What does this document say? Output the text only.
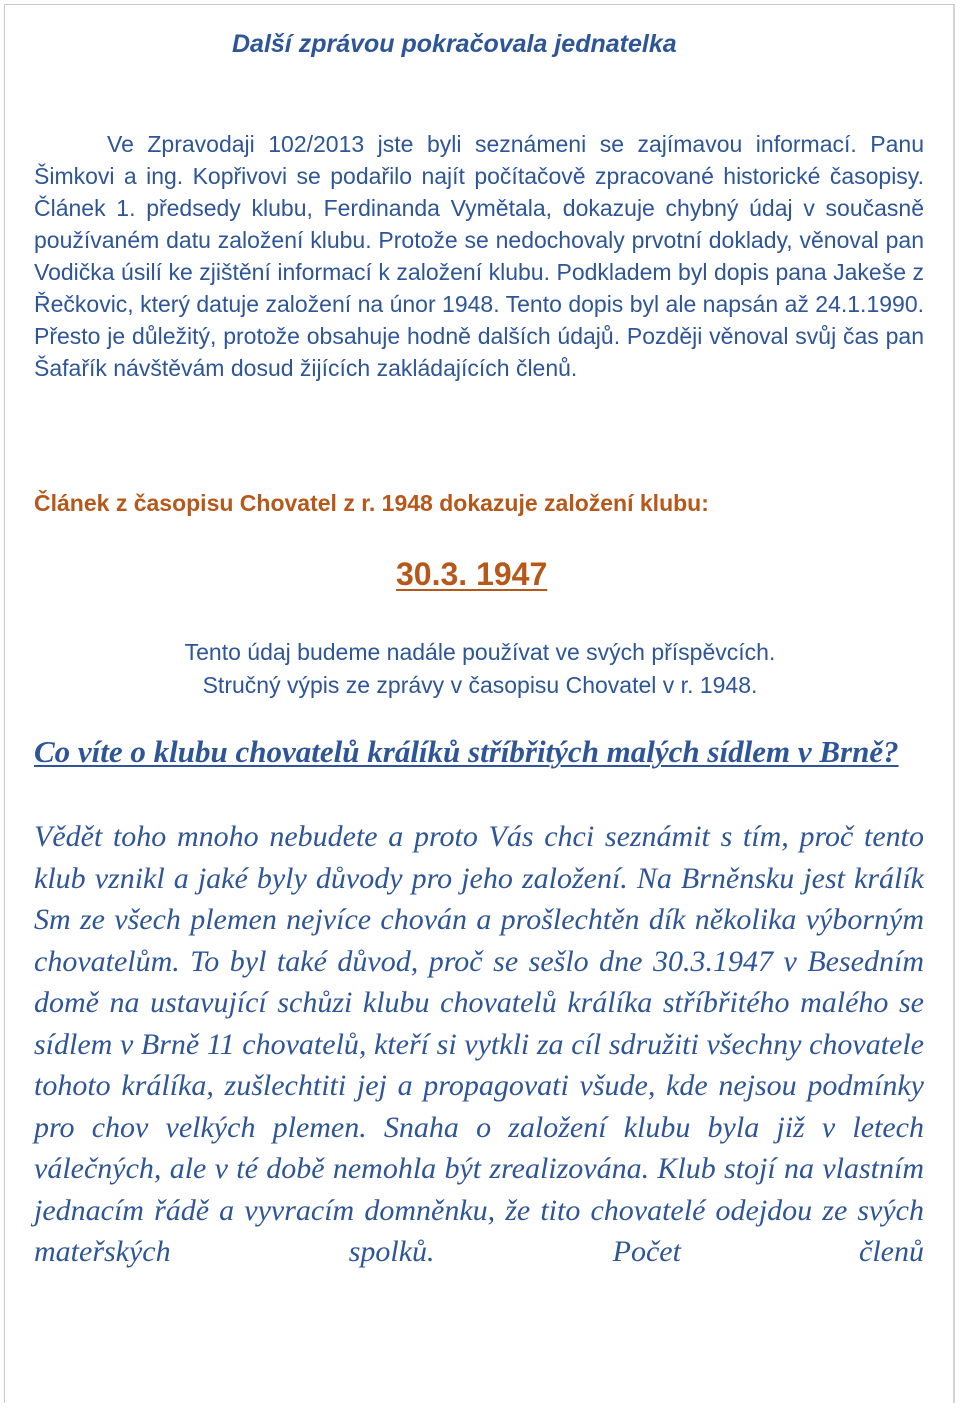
Další zprávou pokračovala jednatelka

Ve Zpravodaji 102/2013 jste byli seznámeni se zajímavou informací. Panu Šimkovi a ing. Kopřivovi se podařilo najít počítačově zpracované historické časopisy. Článek 1. předsedy klubu, Ferdinanda Vymětala, dokazuje chybný údaj v současně používaném datu založení klubu. Protože se nedochovaly prvotní doklady, věnoval pan Vodička úsilí ke zjištění informací k založení klubu. Podkladem byl dopis pana Jakeše z Řečkovic, který datuje založení na únor 1948. Tento dopis byl ale napsán až 24.1.1990. Přesto je důležitý, protože obsahuje hodně dalších údajů. Později věnoval svůj čas pan Šafařík návštěvám dosud žijících zakládajících členů.

Článek z časopisu Chovatel z r. 1948 dokazuje založení klubu:

30.3. 1947

Tento údaj budeme nadále používat ve svých příspěvcích.
Stručný výpis ze zprávy v časopisu Chovatel v r. 1948.

Co víte o klubu chovatelů králíků stříbřitých malých sídlem v Brně?

Vědět toho mnoho nebudete a proto Vás chci seznámit s tím, proč tento klub vznikl a jaké byly důvody pro jeho založení. Na Brněnsku jest králík Sm ze všech plemen nejvíce chován a prošlechtěn dík několika výborným chovatelům. To byl také důvod, proč se sešlo dne 30.3.1947 v Besedním domě na ustavující schůzi klubu chovatelů králíka stříbřitého malého se sídlem v Brně 11 chovatelů, kteří si vytkli za cíl sdružiti všechny chovatele tohoto králíka, zušlechtiti jej a propagovati všude, kde nejsou podmínky pro chov velkých plemen. Snaha o založení klubu byla již v letech válečných, ale v té době nemohla být zrealizována. Klub stojí na vlastním jednacím řádě a vyvracím domněnku, že tito chovatelé odejdou ze svých mateřských spolků. Počet členů
